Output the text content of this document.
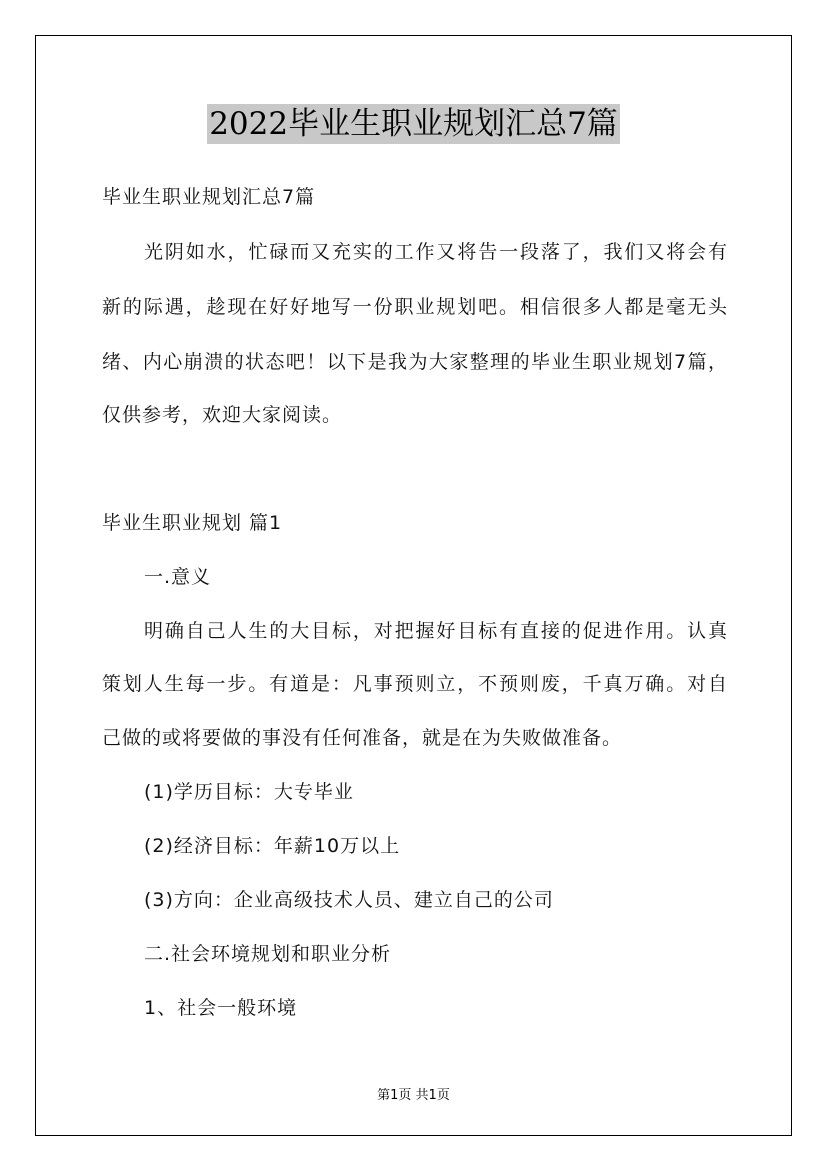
2022毕业生职业规划汇总7篇
毕业生职业规划汇总7篇
光阴如水，忙碌而又充实的工作又将告一段落了，我们又将会有
新的际遇，趁现在好好地写一份职业规划吧。相信很多人都是毫无头
绪、内心崩溃的状态吧！以下是我为大家整理的毕业生职业规划7篇，
仅供参考，欢迎大家阅读。
毕业生职业规划 篇1
一.意义
明确自己人生的大目标，对把握好目标有直接的促进作用。认真
策划人生每一步。有道是：凡事预则立，不预则废，千真万确。对自
己做的或将要做的事没有任何准备，就是在为失败做准备。
(1)学历目标：大专毕业
(2)经济目标：年薪10万以上
(3)方向：企业高级技术人员、建立自己的公司
二.社会环境规划和职业分析
1、社会一般环境
第1页 共1页
